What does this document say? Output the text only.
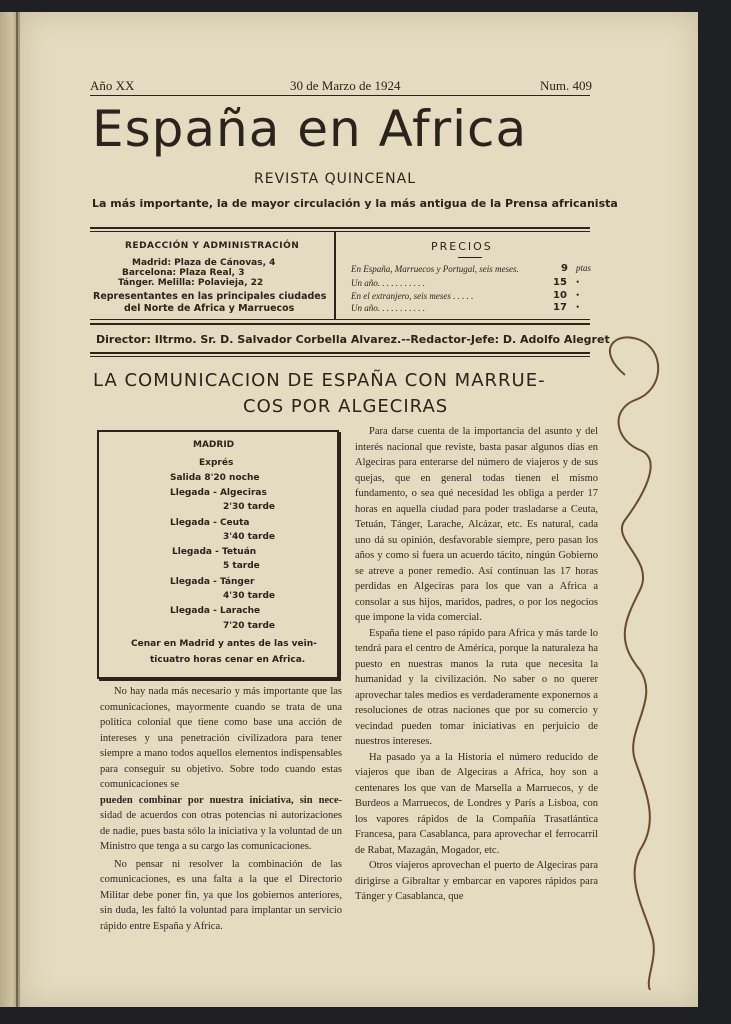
Año XX	30 de Marzo de 1924	Num. 409
España en Africa
REVISTA QUINCENAL
La más importante, la de mayor circulación y la más antigua de la Prensa africanista
REDACCIÓN Y ADMINISTRACIÓN
Madrid: Plaza de Cánovas, 4
Barcelona: Plaza Real, 3
Tánger. Melilla: Polavieja, 22
Representantes en las principales ciudades
del Norte de Africa y Marruecos
PRECIOS
En España, Marruecos y Portugal, seis meses.	9 ptas
Un año. . . . . . . . . . .	15 •
En el extranjero, seis meses . . . . .	10 •
Un año. . . . . . . . . . .	17 •
Director: Iltrmo. Sr. D. Salvador Corbella Alvarez.--Redactor-Jefe: D. Adolfo Alegret
LA COMUNICACION DE ESPAÑA CON MARRUE-
COS POR ALGECIRAS
MADRID
Exprés
Salida 8'20 noche
Llegada - Algeciras
2'30 tarde
Llegada - Ceuta
3'40 tarde
Llegada - Tetuán
5 tarde
Llegada - Tánger
4'30 tarde
Llegada - Larache
7'20 tarde
Cenar en Madrid y antes de las vein-
ticuatro horas cenar en Africa.

No hay nada más necesario y más importante que las comunicaciones, mayormente cuando se trata de una política colonial que tiene como base una acción de intereses y una penetración civilizadora para tener siempre a mano todos aquellos elementos indispensables para conseguir su objetivo. Sobre todo cuando estas comunicaciones se

pueden combinar por nuestra iniciativa, sin nece- sidad de acuerdos con otras potencias ni autorizaciones de nadie, pues basta sólo la iniciativa y la voluntad de un Ministro que tenga a su cargo las comunicaciones.

No pensar ni resolver la combinación de las comunicaciones, es una falta a la que el Directorio Militar debe poner fin, ya que los gobiernos anteriores, sin duda, les faltó la voluntad para implantar un servicio rápido entre España y Africa.

Para darse cuenta de la importancia del asunto y del interés nacional que reviste, basta pasar algunos días en Algeciras para enterarse del número de viajeros y de sus quejas, que en general todas tienen el mismo fundamento, o sea qué necesidad les obliga a perder 17 horas en aquella ciudad para poder trasladarse a Ceuta, Tetuán, Tánger, Larache, Alcázar, etc. Es natural, cada uno dá su opinión, desfavorable siempre, pero pasan los años y como si fuera un acuerdo tácito, ningún Gobierno se atreve a poner remedio. Así continuan las 17 horas perdidas en Algeciras para los que van a Africa a consolar a sus hijos, maridos, padres, o por los negocios que impone la vida comercial.

España tiene el paso rápido para Africa y más tarde lo tendrá para el centro de América, porque la naturaleza ha puesto en nuestras manos la ruta que necesita la humanidad y la civilización. No saber o no querer aprovechar tales medios es verdaderamente exponernos a resoluciones de otras naciones que por su comercio y vecindad pueden tomar iniciativas en perjuicio de nuestros intereses.

Ha pasado ya a la Historia el número reducido de viajeros que iban de Algeciras a Africa, hoy son a centenares los que van de Marsella a Marruecos, y de Burdeos a Marruecos, de Londres y París a Lisboa, con los vapores rápidos de la Compañía Trasatlántica Francesa, para Casablanca, para aprovechar el ferrocarril de Rabat, Mazagán, Mogador, etc.

Otros viajeros aprovechan el puerto de Algeciras para dirigirse a Gibraltar y embarcar en vapores rápidos para Tánger y Casablanca, que
